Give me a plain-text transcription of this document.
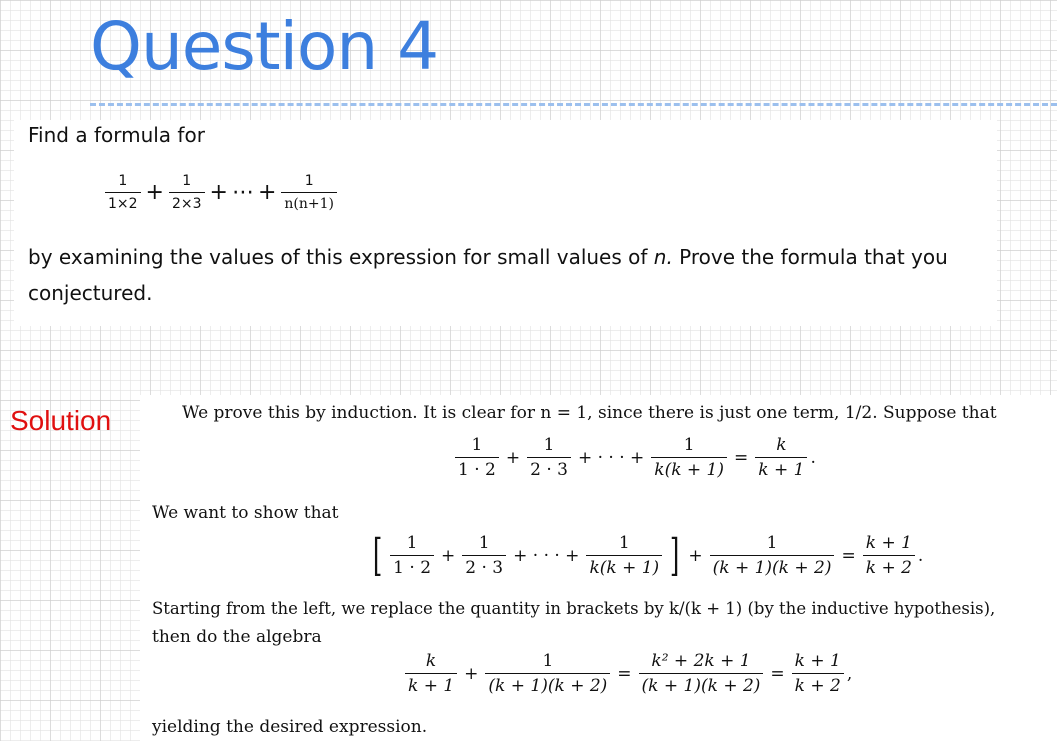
Question 4
Find a formula for
$\frac{1}{1\times 2} + \frac{1}{2\times 3}$ + ⋯ + $\frac{1}{n(n+1)}$
by examining the values of this expression for small values of n. Prove the formula that you
conjectured.
Solution	We prove this by induction. It is clear for n = 1, since there is just one term, 1/2. Suppose that
$\frac{1}{1 \cdot 2} + \frac{1}{2 \cdot 3}$ + · · · + $\frac{1}{k(k + 1)} = \frac{k}{k + 1}$ .
We want to show that
[ $\frac{1}{1 \cdot 2} + \frac{1}{2 \cdot 3}$ + · · · + $\frac{1}{k(k + 1)}$ ] + $\frac{1}{(k + 1)(k + 2)} = \frac{k + 1}{k + 2}$ .
Starting from the left, we replace the quantity in brackets by k/(k + 1) (by the inductive hypothesis),
then do the algebra
$\frac{k}{k + 1} + \frac{1}{(k + 1)(k + 2)} = \frac{\text{k² + 2k + 1}}{(k + 1)(k + 2)} = \frac{k + 1}{k + 2}$ ,
yielding the desired expression.
